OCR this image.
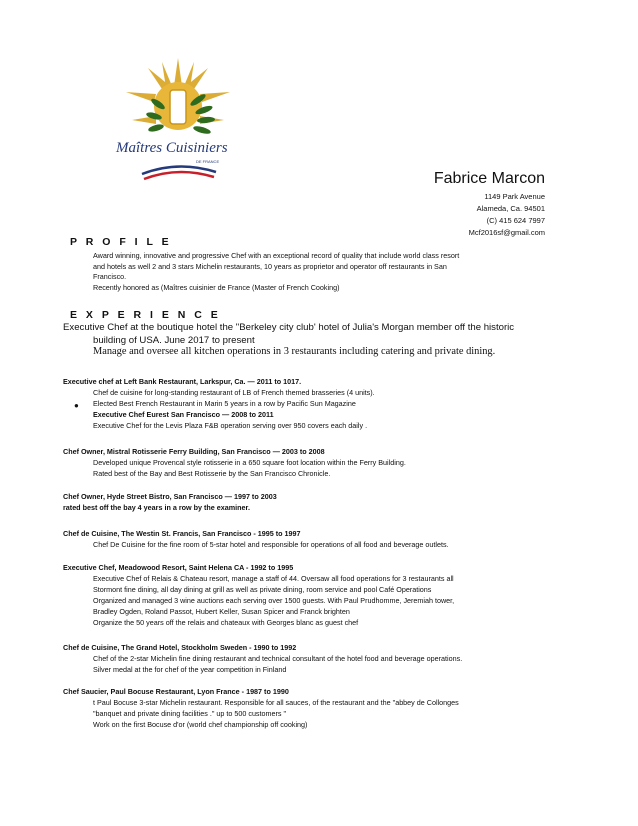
Maîtres Cuisiniers
DE FRANCE
Fabrice Marcon
1149 Park Avenue
Alameda, Ca. 94501
(C) 415 624 7997
Mcf2016sf@gmail.com
P R O F I L E
Award winning, innovative and progressive Chef with an exceptional record of quality that include world class resort
and hotels as well 2 and 3 stars Michelin restaurants, 10 years as proprietor and operator off restaurants in San
Francisco.
Recently honored as (Maîtres cuisinier de France (Master of French Cooking)
E X P E R I E N C E
Executive Chef at the boutique hotel the "Berkeley city club' hotel of Julia's Morgan member off the historic
building of USA. June 2017 to present
Manage and oversee all kitchen operations in 3 restaurants including catering and private dining.
Executive chef at Left Bank Restaurant, Larkspur, Ca. — 2011 to 1017.
Chef de cuisine for long-standing restaurant of LB of French themed brasseries (4 units).
● Elected Best French Restaurant in Marin 5 years in a row by Pacific Sun Magazine
Executive Chef Eurest San Francisco — 2008 to 2011
Executive Chef for the Levis Plaza F&B operation serving over 950 covers each daily .
Chef Owner, Mistral Rotisserie Ferry Building, San Francisco — 2003 to 2008
Developed unique Provencal style rotisserie in a 650 square foot location within the Ferry Building.
Rated best of the Bay and Best Rotisserie by the San Francisco Chronicle.
Chef Owner, Hyde Street Bistro, San Francisco — 1997 to 2003
rated best off the bay 4 years in a row by the examiner.
Chef de Cuisine, The Westin St. Francis, San Francisco - 1995 to 1997
Chef De Cuisine for the fine room of 5-star hotel and responsible for operations of all food and beverage outlets.
Executive Chef, Meadowood Resort, Saint Helena CA - 1992 to 1995
Executive Chef of Relais & Chateau resort, manage a staff of 44. Oversaw all food operations for 3 restaurants all
Stormont fine dining, all day dining at grill as well as private dining, room service and pool Café Operations
Organized and managed 3 wine auctions each serving over 1500 guests. With Paul Prudhomme, Jeremiah tower,
Bradley Ogden, Roland Passot, Hubert Keller, Susan Spicer and Franck brighten
Organize the 50 years off the relais and chateaux with Georges blanc as guest chef
Chef de Cuisine, The Grand Hotel, Stockholm Sweden - 1990 to 1992
Chef of the 2-star Michelin fine dining restaurant and technical consultant of the hotel food and beverage operations.
Silver medal at the for chef of the year competition in Finland
Chef Saucier, Paul Bocuse Restaurant, Lyon France - 1987 to 1990
t Paul Bocuse 3-star Michelin restaurant. Responsible for all sauces, of the restaurant and the "abbey de Collonges
"banquet and private dining facilities ." up to 500 customers "
Work on the first Bocuse d'or (world chef championship off cooking)
